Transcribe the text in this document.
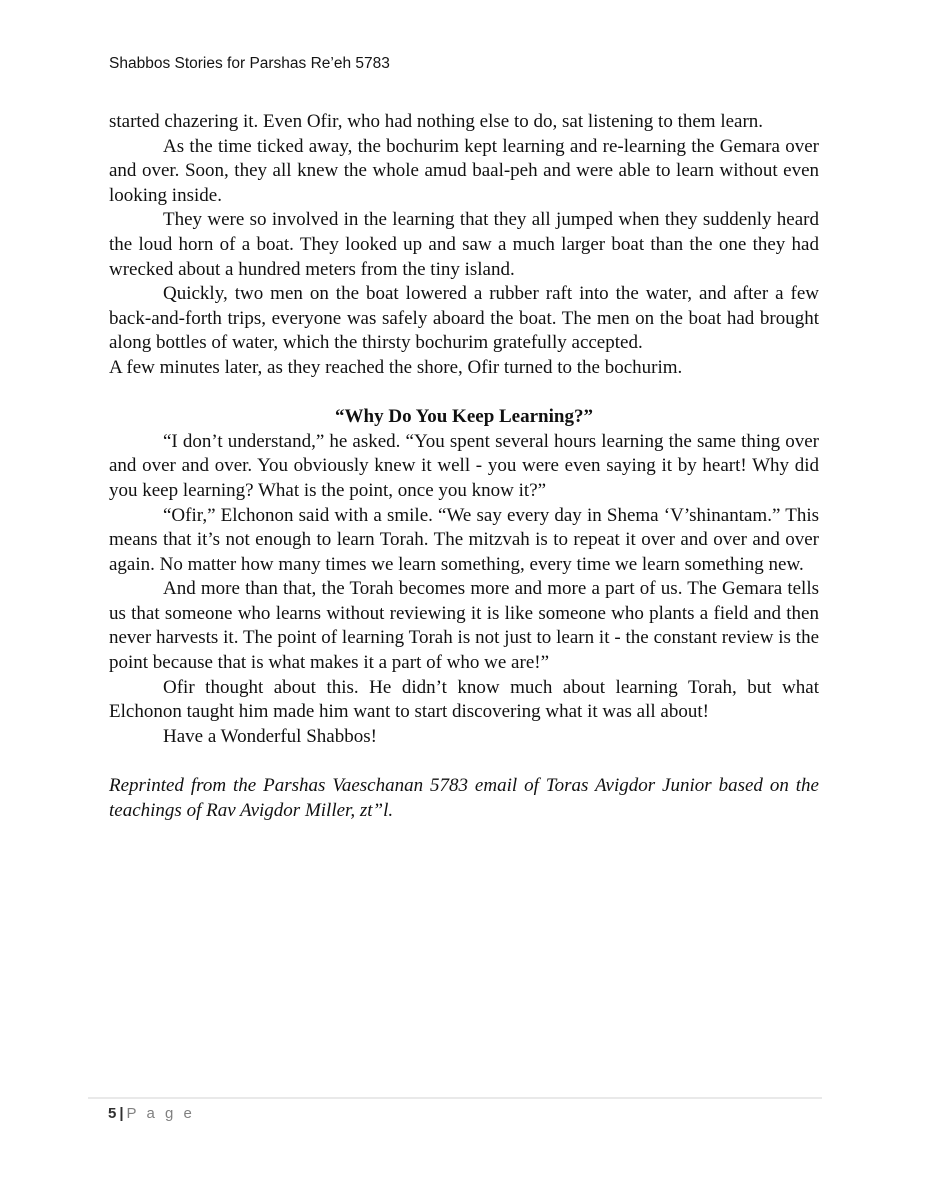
Shabbos Stories for Parshas Re’eh 5783

started chazering it. Even Ofir, who had nothing else to do, sat listening to them learn.

As the time ticked away, the bochurim kept learning and re-learning the Gemara over and over. Soon, they all knew the whole amud baal-peh and were able to learn without even looking inside.

They were so involved in the learning that they all jumped when they suddenly heard the loud horn of a boat. They looked up and saw a much larger boat than the one they had wrecked about a hundred meters from the tiny island.

Quickly, two men on the boat lowered a rubber raft into the water, and after a few back-and-forth trips, everyone was safely aboard the boat. The men on the boat had brought along bottles of water, which the thirsty bochurim gratefully accepted.

A few minutes later, as they reached the shore, Ofir turned to the bochurim.

“Why Do You Keep Learning?”

“I don’t understand,” he asked. “You spent several hours learning the same thing over and over and over. You obviously knew it well - you were even saying it by heart! Why did you keep learning? What is the point, once you know it?”

“Ofir,” Elchonon said with a smile. “We say every day in Shema ‘V’shinantam.” This means that it’s not enough to learn Torah. The mitzvah is to repeat it over and over and over again. No matter how many times we learn something, every time we learn something new.

And more than that, the Torah becomes more and more a part of us. The Gemara tells us that someone who learns without reviewing it is like someone who plants a field and then never harvests it. The point of learning Torah is not just to learn it - the constant review is the point because that is what makes it a part of who we are!”

Ofir thought about this. He didn’t know much about learning Torah, but what Elchonon taught him made him want to start discovering what it was all about!

Have a Wonderful Shabbos!

Reprinted from the Parshas Vaeschanan 5783 email of Toras Avigdor Junior based on the teachings of Rav Avigdor Miller, zt”l.

5 | P a g e
